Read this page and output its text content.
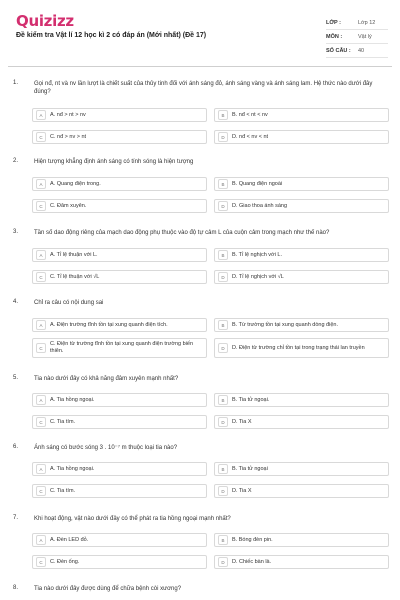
Quizizz
Đề kiểm tra Vật lí 12 học kì 2 có đáp án (Mới nhất) (Đề 17)
LỚP :	Lớp 12
MÔN :	Vật lý
SỐ CÂU :	40
1.	Gọi nđ, nt và nv lần lượt là chiết suất của thủy tinh đối với ánh sáng đỏ, ánh sáng vàng và ánh sáng lam. Hệ thức nào dưới đây đúng?
A	A. nđ > nt > nv	B	B. nđ < nt < nv
C	C. nđ > nv > nt	D	D. nđ < nv < nt
2.	Hiện tượng khẳng định ánh sáng có tính sóng là hiện tượng
A	A. Quang điện trong.	B	B. Quang điện ngoài
C	C. Đâm xuyên.	D	D. Giao thoa ánh sáng
3.	Tần số dao động riêng của mạch dao động phụ thuộc vào độ tự cảm L của cuộn cảm trong mạch như thế nào?
A	A. Tỉ lệ thuận với L.	B	B. Tỉ lệ nghịch với L.
C	C. Tỉ lệ thuận với √L	D	D. Tỉ lệ nghịch với √L
4.	Chỉ ra câu có nội dung sai
A	A. Điện trường tĩnh tồn tại xung quanh điện tích.	B	B. Từ trường tồn tại xung quanh dòng điện.
C
C. Điện từ trường tĩnh tồn tại xung quanh điện trường biến thiên.	D	D. Điện từ trường chỉ tồn tại trong trạng thái lan truyền
5.	Tia nào dưới đây có khả năng đâm xuyên mạnh nhất?
A	A. Tia hồng ngoại.	B	B. Tia tử ngoại.
C	C. Tia tím.	D	D. Tia X
6.	Ánh sáng có bước sóng 3 . 10⁻⁷ m thuộc loại tia nào?
A	A. Tia hồng ngoại.	B	B. Tia tử ngoại
C	C. Tia tím.	D	D. Tia X
7.	Khi hoạt động, vật nào dưới đây có thể phát ra tia hồng ngoại mạnh nhất?
A	A. Đèn LED đỏ.	B	B. Bóng đèn pin.
C	C. Đèn ống.	D	D. Chiếc bàn là.
8.	Tia nào dưới đây được dùng để chữa bệnh còi xương?
